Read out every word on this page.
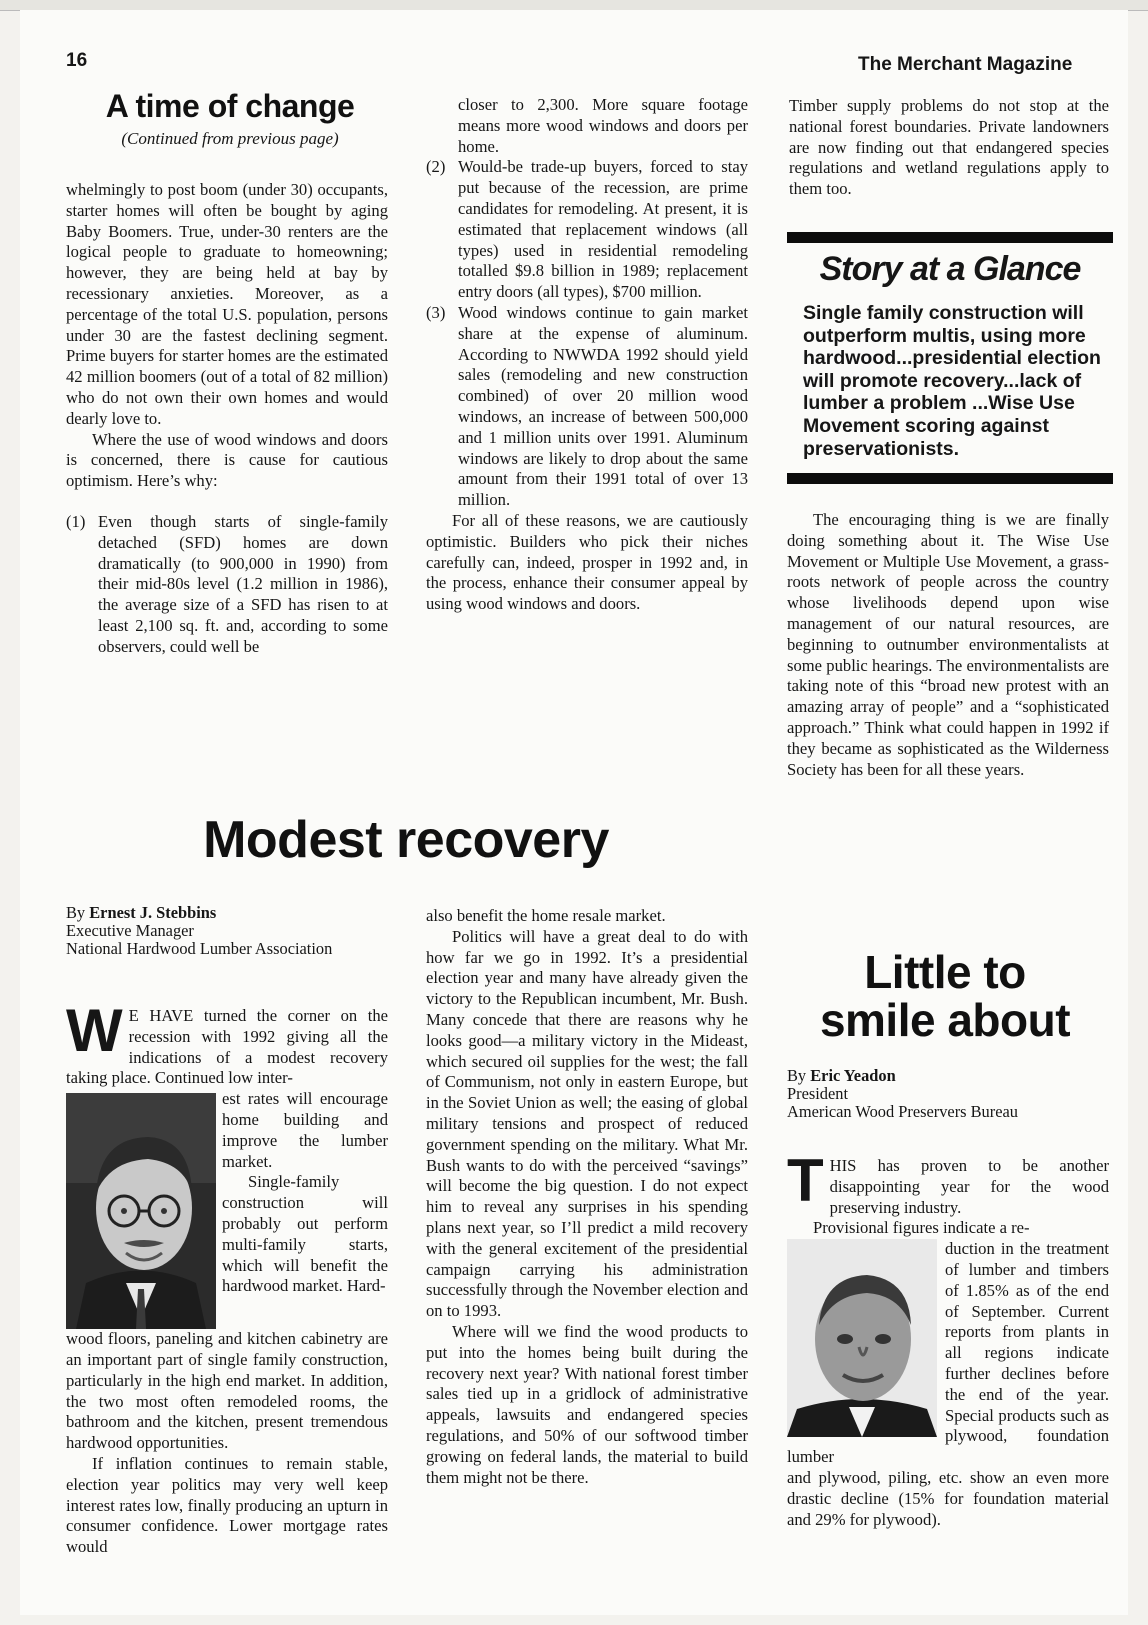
16	The Merchant Magazine
A time of change
(Continued from previous page)

whelmingly to post boom (under 30) occupants, starter homes will often be bought by aging Baby Boomers. True, under-30 renters are the logical people to graduate to homeowning; however, they are being held at bay by recessionary anxieties. Moreover, as a percentage of the total U.S. population, persons under 30 are the fastest declining segment. Prime buyers for starter homes are the estimated 42 million boomers (out of a total of 82 million) who do not own their own homes and would dearly love to.

Where the use of wood windows and doors is concerned, there is cause for cautious optimism. Here’s why:

(1) Even though starts of single-family detached (SFD) homes are down dramatically (to 900,000 in 1990) from their mid-80s level (1.2 million in 1986), the average size of a SFD has risen to at least 2,100 sq. ft. and, according to some observers, could well be

closer to 2,300. More square footage means more wood windows and doors per home.

(2) Would-be trade-up buyers, forced to stay put because of the recession, are prime candidates for remodeling. At present, it is estimated that replacement windows (all types) used in residential remodeling totalled $9.8 billion in 1989; replacement entry doors (all types), $700 million.
(3) Wood windows continue to gain market share at the expense of aluminum. According to NWWDA 1992 should yield sales (remodeling and new construction combined) of over 20 million wood windows, an increase of between 500,000 and 1 million units over 1991. Aluminum windows are likely to drop about the same amount from their 1991 total of over 13 million.

For all of these reasons, we are cautiously optimistic. Builders who pick their niches carefully can, indeed, prosper in 1992 and, in the process, enhance their consumer appeal by using wood windows and doors.

Timber supply problems do not stop at the national forest boundaries. Private landowners are now finding out that endangered species regulations and wetland regulations apply to them too.

Story at a Glance
Single family construction will outperform multis, using more hardwood...presidential election will promote recovery...lack of lumber a problem ...Wise Use Movement scoring against preservationists.

The encouraging thing is we are finally doing something about it. The Wise Use Movement or Multiple Use Movement, a grass-roots network of people across the country whose livelihoods depend upon wise management of our natural resources, are beginning to outnumber environmentalists at some public hearings. The environmentalists are taking note of this “broad new protest with an amazing array of people” and a “sophisticated approach.” Think what could happen in 1992 if they became as sophisticated as the Wilderness Society has been for all these years.

Modest recovery
By Ernest J. Stebbins
Executive Manager
National Hardwood Lumber Association
W E HAVE turned the corner on the recession with 1992 giving all the indications of a modest recovery taking place. Continued low inter-

est rates will encourage home building and improve the lumber market.

Single-family construction will probably out perform multi-family starts, which will benefit the hardwood market. Hard-

wood floors, paneling and kitchen cabinetry are an important part of single family construction, particularly in the high end market. In addition, the two most often remodeled rooms, the bathroom and the kitchen, present tremendous hardwood opportunities.

If inflation continues to remain stable, election year politics may very well keep interest rates low, finally producing an upturn in consumer confidence. Lower mortgage rates would

also benefit the home resale market.

Politics will have a great deal to do with how far we go in 1992. It’s a presidential election year and many have already given the victory to the Republican incumbent, Mr. Bush. Many concede that there are reasons why he looks good—a military victory in the Mideast, which secured oil supplies for the west; the fall of Communism, not only in eastern Europe, but in the Soviet Union as well; the easing of global military tensions and prospect of reduced government spending on the military. What Mr. Bush wants to do with the perceived “savings” will become the big question. I do not expect him to reveal any surprises in his spending plans next year, so I’ll predict a mild recovery with the general excitement of the presidential campaign carrying his administration successfully through the November election and on to 1993.

Where will we find the wood products to put into the homes being built during the recovery next year? With national forest timber sales tied up in a gridlock of administrative appeals, lawsuits and endangered species regulations, and 50% of our softwood timber growing on federal lands, the material to build them might not be there.

Little to
smile about
By Eric Yeadon
President
American Wood Preservers Bureau
T HIS has proven to be another disappointing year for the wood preserving industry.

Provisional figures indicate a re-

duction in the treatment of lumber and timbers of 1.85% as of the end of September. Current reports from plants in all regions indicate further declines before the end of the year. Special products such as plywood, foundation lumber

and plywood, piling, etc. show an even more drastic decline (15% for foundation material and 29% for plywood).
